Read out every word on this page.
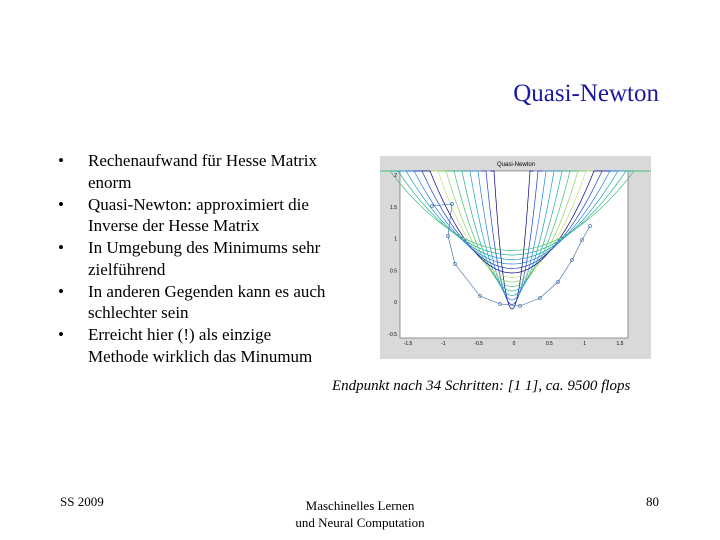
Quasi-Newton
• Rechenaufwand für Hesse Matrix enorm
• Quasi-Newton: approximiert die Inverse der Hesse Matrix
• In Umgebung des Minimums sehr zielführend
• In anderen Gegenden kann es auch schlechter sein
• Erreicht hier (!) als einzige Methode wirklich das Minumum
Quasi-Newton
2
1.5
1
0.5
0
-0.5
-1.5	-1	-0.5	0	0.5	1	1.5
Endpunkt nach 34 Schritten: [1 1], ca. 9500 flops
SS 2009	Maschinelles Lernen
und Neural Computation
80
